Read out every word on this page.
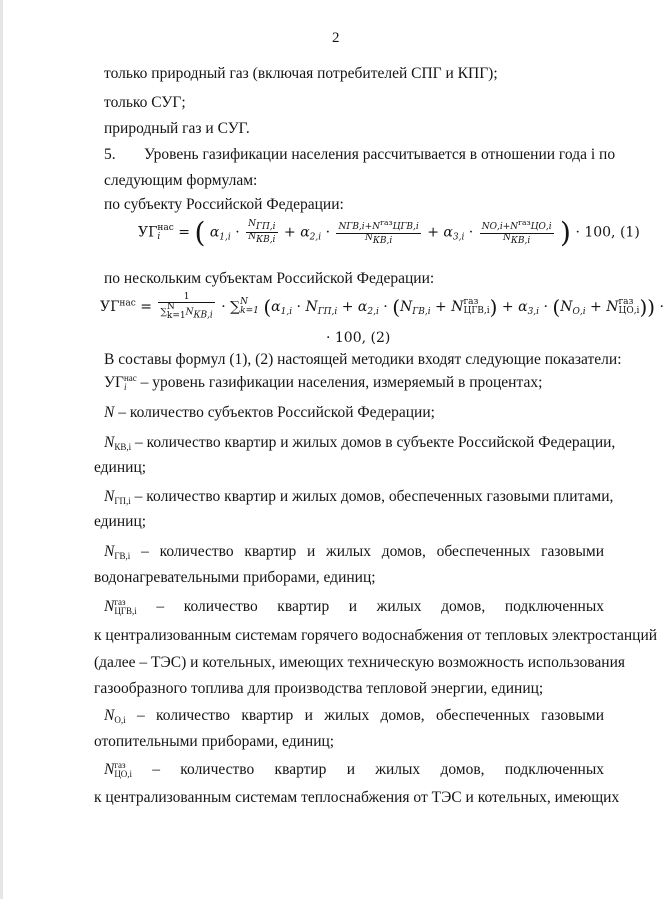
2
только природный газ (включая потребителей СПГ и КПГ);
только СУГ;
природный газ и СУГ.
5. Уровень газификации населения рассчитывается в отношении года i по
следующим формулам:
по субъекту Российской Федерации:
УГ нас
i	= ( $\alpha_{1,i} \cdot \frac{\text{NГП,i}}{\text{NКВ,i}} + \alpha_{2,i} \cdot \frac{NГВ,i+N^{газ}ЦГВ,i}{\text{NКВ,i}} + \alpha_{3,i} \cdot \frac{NО,i+N^{газ}ЦО,i}{\text{NКВ,i}}$ ) · 100, (1)
по нескольким субъектам Российской Федерации:
$УГ^{нас} = 1$
∑
N
k=1 NКВ,i · ∑ N
k=1 ($\alpha_{1,i} \cdot N_{ГП,i} + \alpha_{2,i} \cdot (N_{ГВ,i} + N$ газ
ЦГВ,i ) + $\alpha_{3,i} \cdot (N_{О,i} + N$ газ
ЦО,i )) ·
· 100, (2)
В составы формул (1), (2) настоящей методики входят следующие показатели:
УГ нас
i – уровень газификации населения, измеряемый в процентах;
N – количество субъектов Российской Федерации;
$N_{КВ,i}$ – количество квартир и жилых домов в субъекте Российской Федерации,
единиц;
$N_{ГП,i}$ – количество квартир и жилых домов, обеспеченных газовыми плитами,
единиц;
$N_{ГВ,i}$ – количество квартир и жилых домов, обеспеченных газовыми
водонагревательными приборами, единиц;
N газ
ЦГВ,i – количество квартир и жилых домов, подключенных
к централизованным системам горячего водоснабжения от тепловых электростанций
(далее – ТЭС) и котельных, имеющих техническую возможность использования
газообразного топлива для производства тепловой энергии, единиц;
$N_{О,i}$ – количество квартир и жилых домов, обеспеченных газовыми
отопительными приборами, единиц;
N газ
ЦО,i – количество квартир и жилых домов, подключенных
к централизованным системам теплоснабжения от ТЭС и котельных, имеющих
